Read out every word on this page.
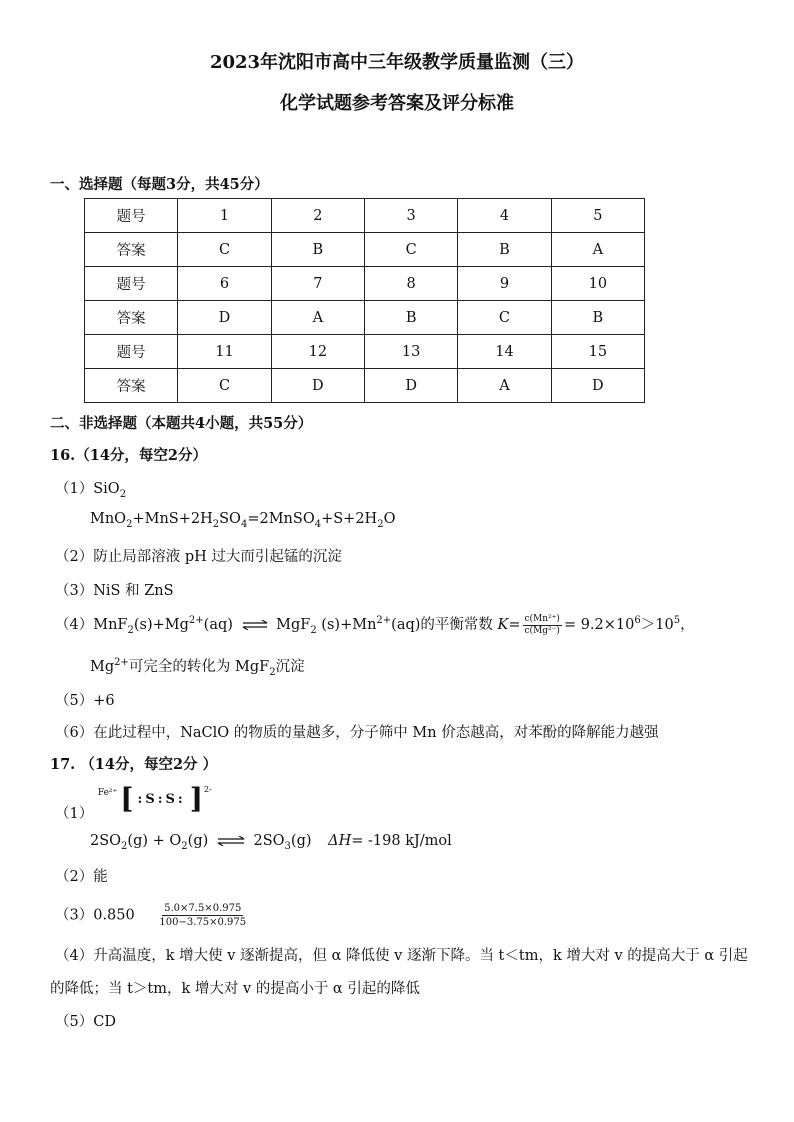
2023年沈阳市高中三年级教学质量监测（三）
化学试题参考答案及评分标准
一、选择题（每题3分，共45分）
题号	1	2	3	4	5
答案	C	B	C	B	A
题号	6	7	8	9	10
答案	D	A	B	C	B
题号	11	12	13	14	15
答案	C	D	D	A	D
二、非选择题（本题共4小题，共55分）
16.（14分，每空2分）
（1）SiO$_2$
$MnO_2+MnS+2H_2SO_4=2MnSO_4+S+2H_2O$
（2）防止局部溶液 pH 过大而引起锰的沉淀
（3）NiS 和 ZnS
$(4)MnF_2(s)+Mg^{2+}(aq)$ ⇌ MgF$_2$ $(s)+Mn^{2+}(aq)$的平衡常数 $K= \frac{\text{c(Mn²⁺)}}{\text{c(Mg²⁻)}} = 9.2\times 10^6>10^5$，
$Mg^{2+}$可完全的转化为 MgF$_2$沉淀
（5）+6
（6）在此过程中，NaClO 的物质的量越多，分子筛中 Mn 价态越高，对苯酚的降解能力越强
17. （14分，每空2分 ）
（1）
Fe²⁺ [ :S:S: ] 2-
$2SO_2(g) + O_2(g)$ ⇌ $2SO_3(g)$ ΔH= -198 kJ/mol
（2）能
$(3)0.850 \frac{5.0\times 7.5\times 0.975}{100-3.75\times 0.975}$
（4）升高温度，k 增大使 v 逐渐提高，但 α 降低使 v 逐渐下降。当 t＜tm，k 增大对 v 的提高大于 α 引起
的降低；当 t＞tm，k 增大对 v 的提高小于 α 引起的降低
（5）CD
